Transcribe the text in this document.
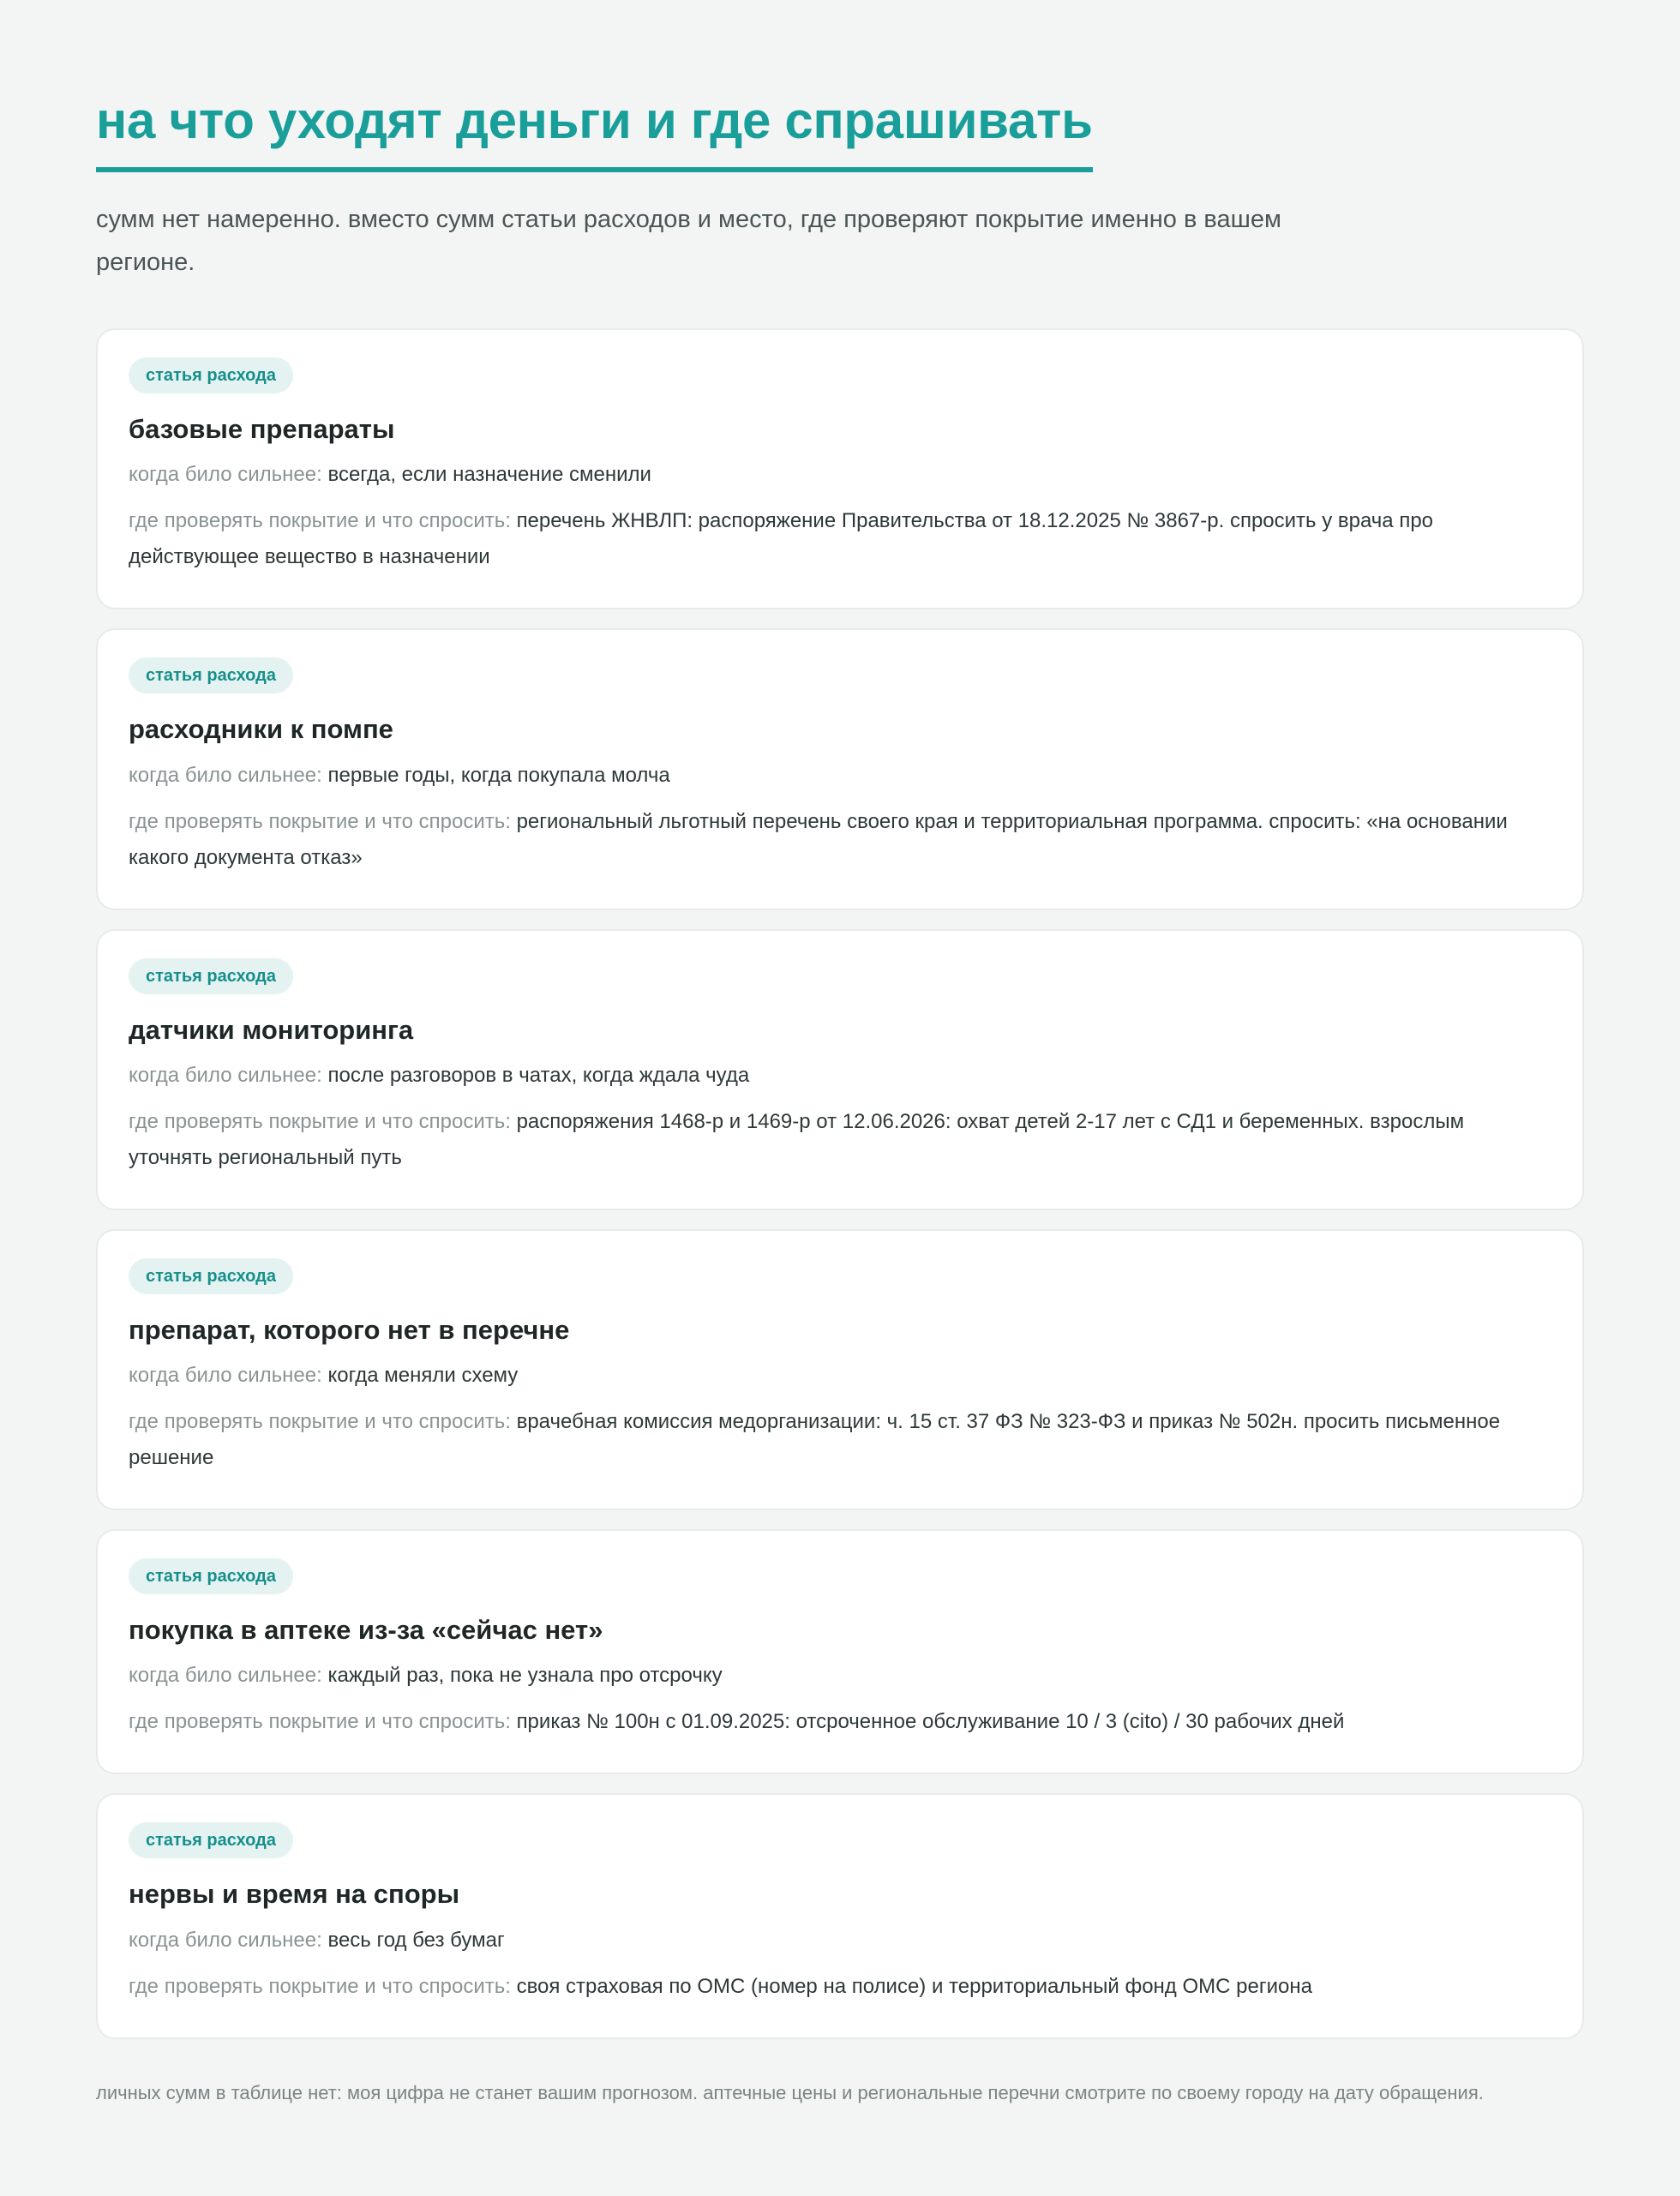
на что уходят деньги и где спрашивать

сумм нет намеренно. вместо сумм статьи расходов и место, где проверяют покрытие именно в вашем регионе.

статья расхода
базовые препараты
когда било сильнее: всегда, если назначение сменили
где проверять покрытие и что спросить: перечень ЖНВЛП: распоряжение Правительства от 18.12.2025 № 3867-р. спросить у врача про действующее вещество в назначении
статья расхода
расходники к помпе
когда било сильнее: первые годы, когда покупала молча
где проверять покрытие и что спросить: региональный льготный перечень своего края и территориальная программа. спросить: «на основании какого документа отказ»
статья расхода
датчики мониторинга
когда било сильнее: после разговоров в чатах, когда ждала чуда
где проверять покрытие и что спросить: распоряжения 1468-р и 1469-р от 12.06.2026: охват детей 2-17 лет с СД1 и беременных. взрослым уточнять региональный путь
статья расхода
препарат, которого нет в перечне
когда било сильнее: когда меняли схему
где проверять покрытие и что спросить: врачебная комиссия медорганизации: ч. 15 ст. 37 ФЗ № 323-ФЗ и приказ № 502н. просить письменное решение
статья расхода
покупка в аптеке из-за «сейчас нет»
когда било сильнее: каждый раз, пока не узнала про отсрочку
где проверять покрытие и что спросить: приказ № 100н с 01.09.2025: отсроченное обслуживание 10 / 3 (cito) / 30 рабочих дней
статья расхода
нервы и время на споры
когда било сильнее: весь год без бумаг
где проверять покрытие и что спросить: своя страховая по ОМС (номер на полисе) и территориальный фонд ОМС региона

личных сумм в таблице нет: моя цифра не станет вашим прогнозом. аптечные цены и региональные перечни смотрите по своему городу на дату обращения.
